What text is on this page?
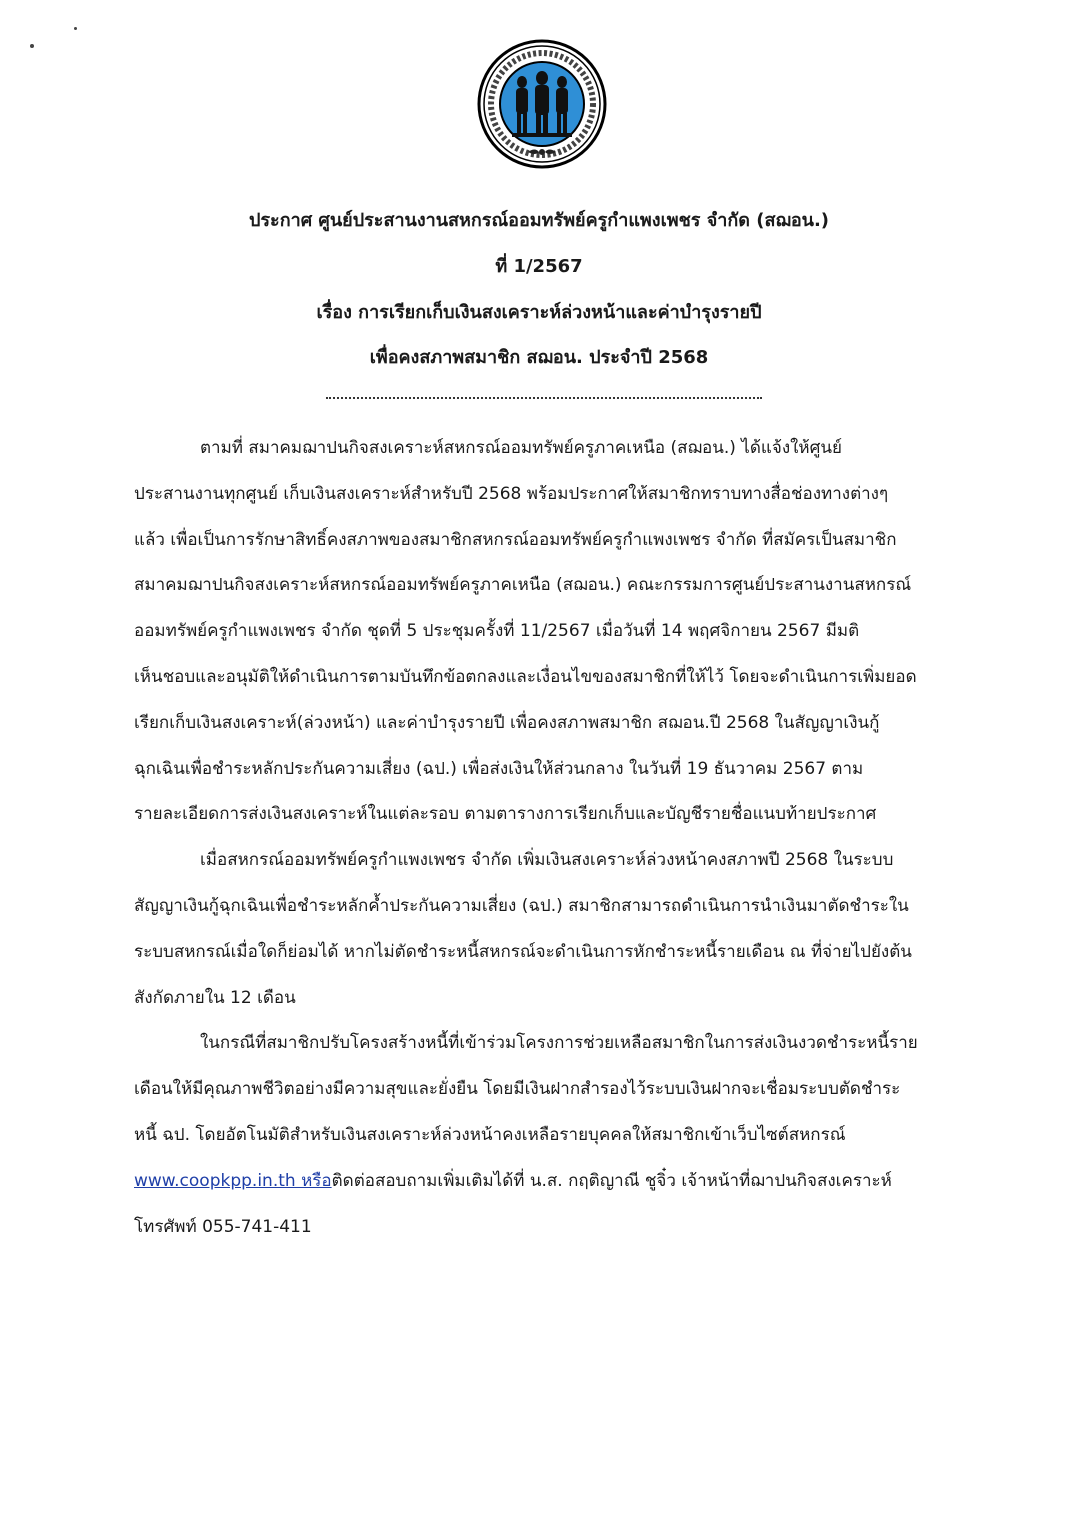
ประกาศ ศูนย์ประสานงานสหกรณ์ออมทรัพย์ครูกำแพงเพชร จำกัด (สฌอน.)
ที่ 1/2567
เรื่อง การเรียกเก็บเงินสงเคราะห์ล่วงหน้าและค่าบำรุงรายปี
เพื่อคงสภาพสมาชิก สฌอน. ประจำปี 2568
ตามที่ สมาคมฌาปนกิจสงเคราะห์สหกรณ์ออมทรัพย์ครูภาคเหนือ (สฌอน.) ได้แจ้งให้ศูนย์
ประสานงานทุกศูนย์ เก็บเงินสงเคราะห์สำหรับปี 2568 พร้อมประกาศให้สมาชิกทราบทางสื่อช่องทางต่างๆ
แล้ว เพื่อเป็นการรักษาสิทธิ์คงสภาพของสมาชิกสหกรณ์ออมทรัพย์ครูกำแพงเพชร จำกัด ที่สมัครเป็นสมาชิก
สมาคมฌาปนกิจสงเคราะห์สหกรณ์ออมทรัพย์ครูภาคเหนือ (สฌอน.) คณะกรรมการศูนย์ประสานงานสหกรณ์
ออมทรัพย์ครูกำแพงเพชร จำกัด ชุดที่ 5 ประชุมครั้งที่ 11/2567 เมื่อวันที่ 14 พฤศจิกายน 2567 มีมติ
เห็นชอบและอนุมัติให้ดำเนินการตามบันทึกข้อตกลงและเงื่อนไขของสมาชิกที่ให้ไว้ โดยจะดำเนินการเพิ่มยอด
เรียกเก็บเงินสงเคราะห์(ล่วงหน้า) และค่าบำรุงรายปี เพื่อคงสภาพสมาชิก สฌอน.ปี 2568 ในสัญญาเงินกู้
ฉุกเฉินเพื่อชำระหลักประกันความเสี่ยง (ฉป.) เพื่อส่งเงินให้ส่วนกลาง ในวันที่ 19 ธันวาคม 2567 ตาม
รายละเอียดการส่งเงินสงเคราะห์ในแต่ละรอบ ตามตารางการเรียกเก็บและบัญชีรายชื่อแนบท้ายประกาศ
เมื่อสหกรณ์ออมทรัพย์ครูกำแพงเพชร จำกัด เพิ่มเงินสงเคราะห์ล่วงหน้าคงสภาพปี 2568 ในระบบ
สัญญาเงินกู้ฉุกเฉินเพื่อชำระหลักค้ำประกันความเสี่ยง (ฉป.) สมาชิกสามารถดำเนินการนำเงินมาตัดชำระใน
ระบบสหกรณ์เมื่อใดก็ย่อมได้ หากไม่ตัดชำระหนี้สหกรณ์จะดำเนินการหักชำระหนี้รายเดือน ณ ที่จ่ายไปยังต้น
สังกัดภายใน 12 เดือน
ในกรณีที่สมาชิกปรับโครงสร้างหนี้ที่เข้าร่วมโครงการช่วยเหลือสมาชิกในการส่งเงินงวดชำระหนี้ราย
เดือนให้มีคุณภาพชีวิตอย่างมีความสุขและยั่งยืน โดยมีเงินฝากสำรองไว้ระบบเงินฝากจะเชื่อมระบบตัดชำระ
หนี้ ฉป. โดยอัตโนมัติสำหรับเงินสงเคราะห์ล่วงหน้าคงเหลือรายบุคคลให้สมาชิกเข้าเว็บไซต์สหกรณ์
www.coopkpp.in.th หรือติดต่อสอบถามเพิ่มเติมได้ที่ น.ส. กฤติญาณี ชูจิ๋ว เจ้าหน้าที่ฌาปนกิจสงเคราะห์
โทรศัพท์ 055-741-411
